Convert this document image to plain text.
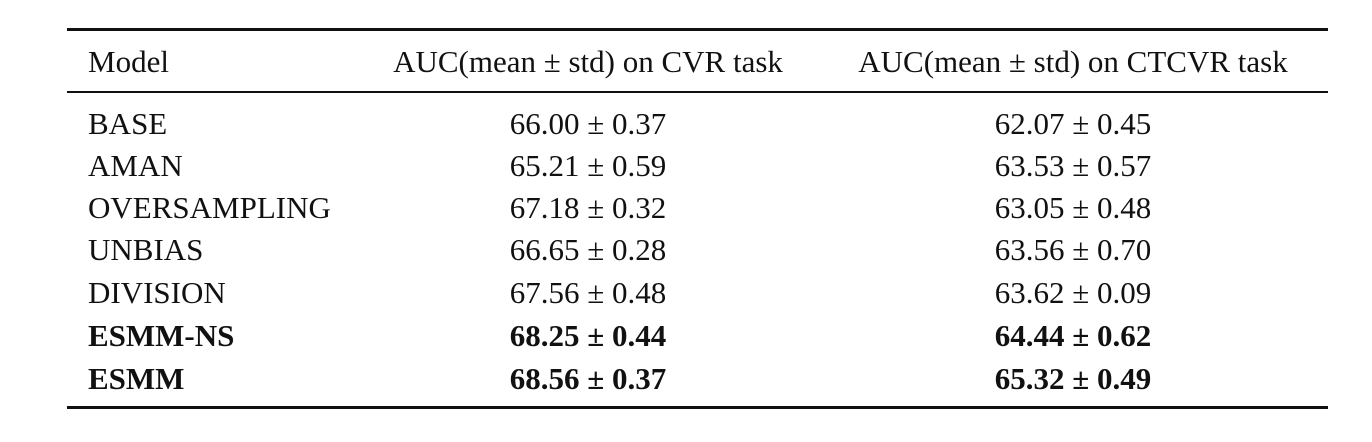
Model	AUC(mean ± std) on CVR task	AUC(mean ± std) on CTCVR task
BASE	66.00 ± 0.37	62.07 ± 0.45
AMAN	65.21 ± 0.59	63.53 ± 0.57
OVERSAMPLING	67.18 ± 0.32	63.05 ± 0.48
UNBIAS	66.65 ± 0.28	63.56 ± 0.70
DIVISION	67.56 ± 0.48	63.62 ± 0.09
ESMM-NS	68.25 ± 0.44	64.44 ± 0.62
ESMM	68.56 ± 0.37	65.32 ± 0.49
